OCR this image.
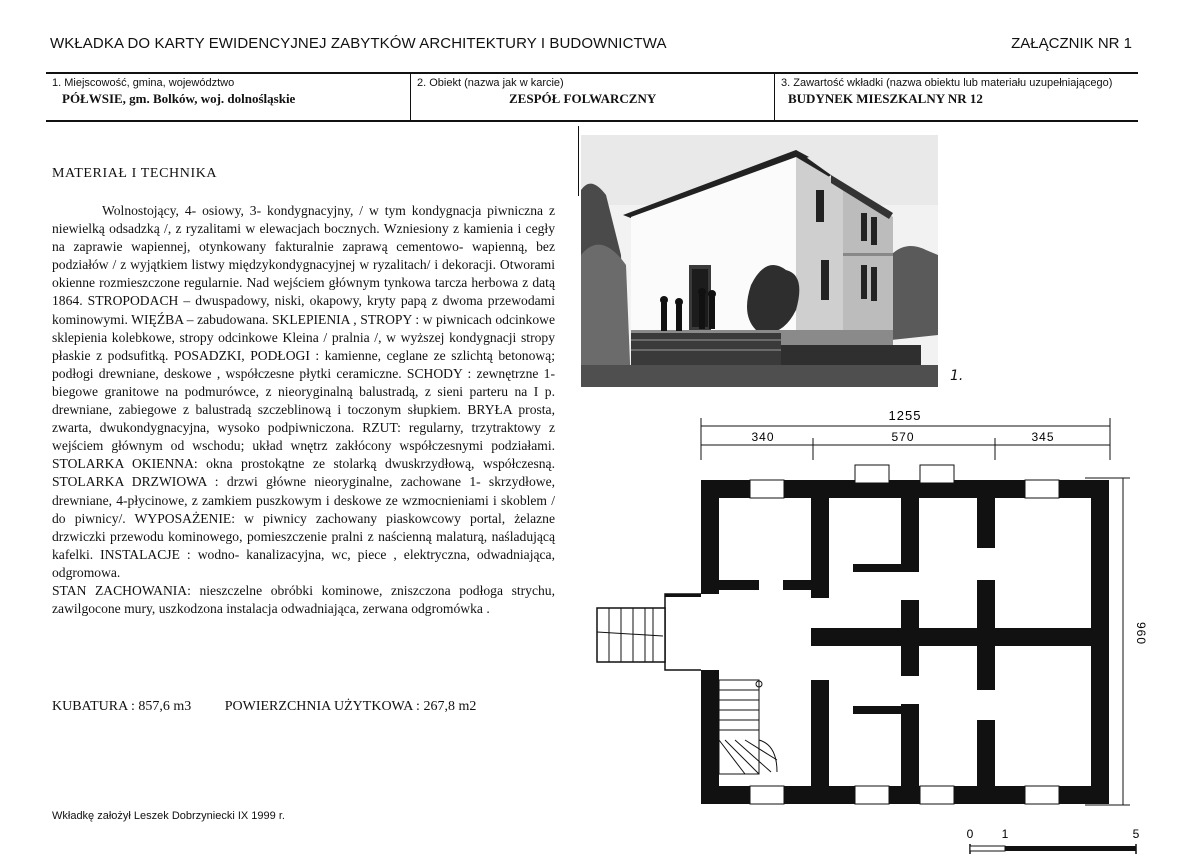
WKŁADKA DO KARTY EWIDENCYJNEJ ZABYTKÓW ARCHITEKTURY I BUDOWNICTWA	ZAŁĄCZNIK NR 1
1. Miejscowość, gmina, województwo
PÓŁWSIE, gm. Bolków, woj. dolnośląskie
2. Obiekt (nazwa jak w karcie)
ZESPÓŁ FOLWARCZNY
3. Zawartość wkładki (nazwa obiektu lub materiału uzupełniającego)
BUDYNEK MIESZKALNY NR 12
MATERIAŁ I TECHNIKA

Wolnostojący, 4- osiowy, 3- kondygnacyjny, / w tym kondygnacja piwniczna z niewielką odsadzką /, z ryzalitami w elewacjach bocznych. Wzniesiony z kamienia i cegły na zaprawie wapiennej, otynkowany fakturalnie zaprawą cementowo- wapienną, bez podziałów / z wyjątkiem listwy międzykondygnacyjnej w ryzalitach/ i dekoracji. Otworami okienne rozmieszczone regularnie. Nad wejściem głównym tynkowa tarcza herbowa z datą 1864. STROPODACH – dwuspadowy, niski, okapowy, kryty papą z dwoma przewodami kominowymi. WIĘŹBA – zabudowana. SKLEPIENIA , STROPY : w piwnicach odcinkowe sklepienia kolebkowe, stropy odcinkowe Kleina / pralnia /, w wyższej kondygnacji stropy płaskie z podsufitką. POSADZKI, PODŁOGI : kamienne, ceglane ze szlichtą betonową; podłogi drewniane, deskowe , współczesne płytki ceramiczne. SCHODY : zewnętrzne 1- biegowe granitowe na podmurówce, z nieoryginalną balustradą, z sieni parteru na I p. drewniane, zabiegowe z balustradą szczeblinową i toczonym słupkiem. BRYŁA prosta, zwarta, dwukondygnacyjna, wysoko podpiwniczona. RZUT: regularny, trzytraktowy z wejściem głównym od wschodu; układ wnętrz zakłócony współczesnymi podziałami. STOLARKA OKIENNA: okna prostokątne ze stolarką dwuskrzydłową, współczesną. STOLARKA DRZWIOWA : drzwi główne nieoryginalne, zachowane 1- skrzydłowe, drewniane, 4-płycinowe, z zamkiem puszkowym i deskowe ze wzmocnieniami i skoblem / do piwnicy/. WYPOSAŻENIE: w piwnicy zachowany piaskowcowy portal, żelazne drzwiczki przewodu kominowego, pomieszczenie pralni z naścienną malaturą, naśladującą kafelki. INSTALACJE : wodno- kanalizacyjna, wc, piece , elektryczna, odwadniająca, odgromowa.

STAN ZACHOWANIA: nieszczelne obróbki kominowe, zniszczona podłoga strychu, zawilgocone mury, uszkodzona instalacja odwadniająca, zerwana odgromówka .

KUBATURA : 857,6 m3 POWIERZCHNIA UŻYTKOWA : 267,8 m2
Wkładkę założył Leszek Dobrzyniecki IX 1999 r.
1.
1255
340	570	345
960
0 1	5
